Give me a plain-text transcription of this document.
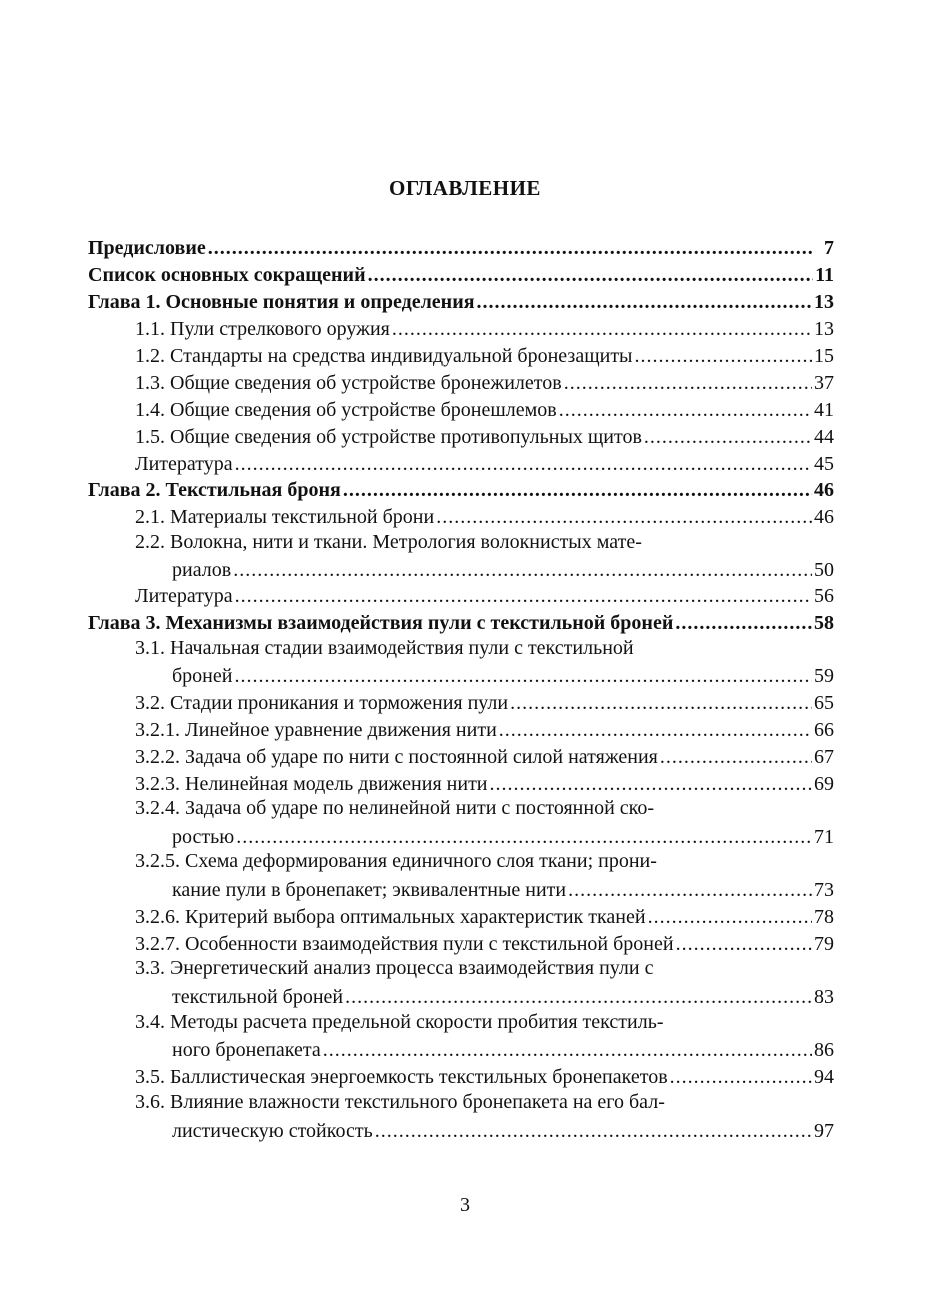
ОГЛАВЛЕНИЕ
Предисловие .....	7
Список основных сокращений .....	11
Глава 1. Основные понятия и определения .....	13
1.1. Пули стрелкового оружия .....	13
1.2. Стандарты на средства индивидуальной бронезащиты .....	15
1.3. Общие сведения об устройстве бронежилетов .....	37
1.4. Общие сведения об устройстве бронешлемов .....	41
1.5. Общие сведения об устройстве противопульных щитов .....	44
Литература .....	45
Глава 2. Текстильная броня .....	46
2.1. Материалы текстильной брони .....	46
2.2. Волокна, нити и ткани. Метрология волокнистых мате-
риалов .....	50
Литература .....	56
Глава 3. Механизмы взаимодействия пули с текстильной броней .....	58
3.1. Начальная стадии взаимодействия пули с текстильной
броней .....	59
3.2. Стадии проникания и торможения пули .....	65
3.2.1. Линейное уравнение движения нити .....	66
3.2.2. Задача об ударе по нити с постоянной силой натяжения .....	67
3.2.3. Нелинейная модель движения нити .....	69
3.2.4. Задача об ударе по нелинейной нити с постоянной ско-
ростью .....	71
3.2.5. Схема деформирования единичного слоя ткани; прони-
кание пули в бронепакет; эквивалентные нити .....	73
3.2.6. Критерий выбора оптимальных характеристик тканей .....	78
3.2.7. Особенности взаимодействия пули с текстильной броней .....	79
3.3. Энергетический анализ процесса взаимодействия пули с
текстильной броней .....	83
3.4. Методы расчета предельной скорости пробития текстиль-
ного бронепакета .....	86
3.5. Баллистическая энергоемкость текстильных бронепакетов .....	94
3.6. Влияние влажности текстильного бронепакета на его бал-
листическую стойкость .....	97
3
